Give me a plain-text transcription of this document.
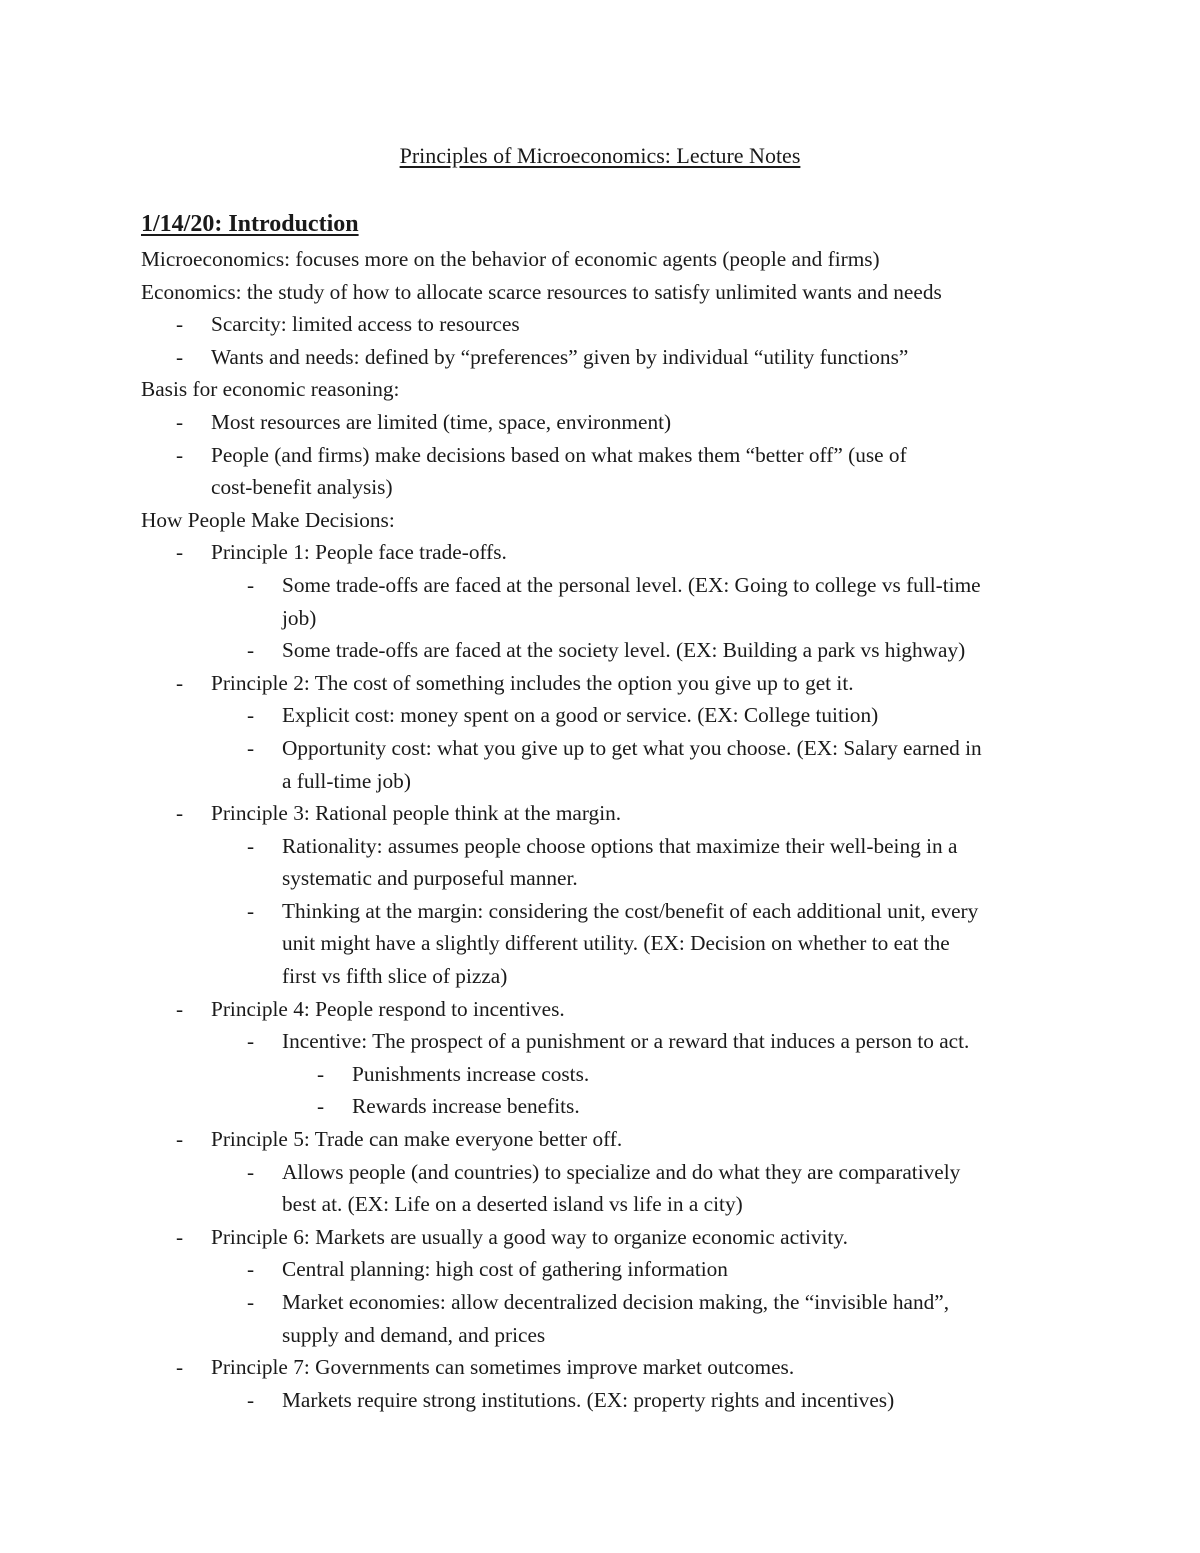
Principles of Microeconomics: Lecture Notes
1/14/20: Introduction
Microeconomics: focuses more on the behavior of economic agents (people and firms)
Economics: the study of how to allocate scarce resources to satisfy unlimited wants and needs
-	Scarcity: limited access to resources
-	Wants and needs: defined by “preferences” given by individual “utility functions”
Basis for economic reasoning:
-	Most resources are limited (time, space, environment)
-	People (and firms) make decisions based on what makes them “better off” (use of
cost-benefit analysis)
How People Make Decisions:
-	Principle 1: People face trade-offs.
-	Some trade-offs are faced at the personal level. (EX: Going to college vs full-time
job)
-	Some trade-offs are faced at the society level. (EX: Building a park vs highway)
-	Principle 2: The cost of something includes the option you give up to get it.
-	Explicit cost: money spent on a good or service. (EX: College tuition)
-	Opportunity cost: what you give up to get what you choose. (EX: Salary earned in
a full-time job)
-	Principle 3: Rational people think at the margin.
-	Rationality: assumes people choose options that maximize their well-being in a
systematic and purposeful manner.
-	Thinking at the margin: considering the cost/benefit of each additional unit, every
unit might have a slightly different utility. (EX: Decision on whether to eat the
first vs fifth slice of pizza)
-	Principle 4: People respond to incentives.
-	Incentive: The prospect of a punishment or a reward that induces a person to act.
-	Punishments increase costs.
-	Rewards increase benefits.
-	Principle 5: Trade can make everyone better off.
-	Allows people (and countries) to specialize and do what they are comparatively
best at. (EX: Life on a deserted island vs life in a city)
-	Principle 6: Markets are usually a good way to organize economic activity.
-	Central planning: high cost of gathering information
-	Market economies: allow decentralized decision making, the “invisible hand”,
supply and demand, and prices
-	Principle 7: Governments can sometimes improve market outcomes.
-	Markets require strong institutions. (EX: property rights and incentives)
